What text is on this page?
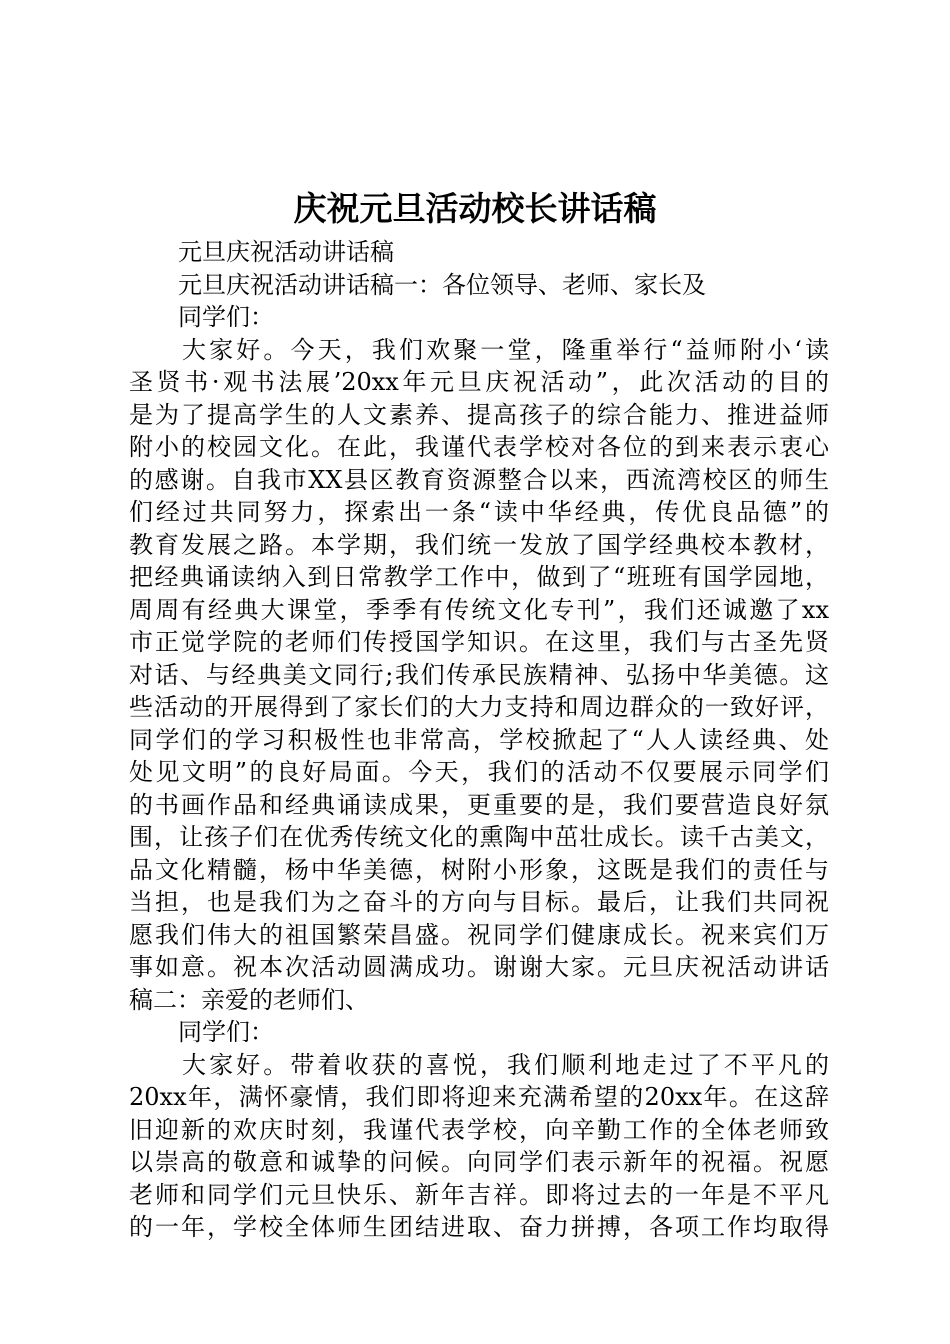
庆祝元旦活动校长讲话稿
元旦庆祝活动讲话稿
元旦庆祝活动讲话稿一：各位领导、老师、家长及
同学们：
大家好。今天，我们欢聚一堂，隆重举行“益师附小‘读
圣贤书·观书法展’20xx年元旦庆祝活动”，此次活动的目的
是为了提高学生的人文素养、提高孩子的综合能力、推进益师
附小的校园文化。在此，我谨代表学校对各位的到来表示衷心
的感谢。自我市XX县区教育资源整合以来，西流湾校区的师生
们经过共同努力，探索出一条“读中华经典，传优良品德”的
教育发展之路。本学期，我们统一发放了国学经典校本教材，
把经典诵读纳入到日常教学工作中，做到了“班班有国学园地，
周周有经典大课堂，季季有传统文化专刊”，我们还诚邀了xx
市正觉学院的老师们传授国学知识。在这里，我们与古圣先贤
对话、与经典美文同行;我们传承民族精神、弘扬中华美德。这
些活动的开展得到了家长们的大力支持和周边群众的一致好评，
同学们的学习积极性也非常高，学校掀起了“人人读经典、处
处见文明”的良好局面。今天，我们的活动不仅要展示同学们
的书画作品和经典诵读成果，更重要的是，我们要营造良好氛
围，让孩子们在优秀传统文化的熏陶中茁壮成长。读千古美文，
品文化精髓，杨中华美德，树附小形象，这既是我们的责任与
当担，也是我们为之奋斗的方向与目标。最后，让我们共同祝
愿我们伟大的祖国繁荣昌盛。祝同学们健康成长。祝来宾们万
事如意。祝本次活动圆满成功。谢谢大家。元旦庆祝活动讲话
稿二：亲爱的老师们、
同学们：
大家好。带着收获的喜悦，我们顺利地走过了不平凡的
20xx年，满怀豪情，我们即将迎来充满希望的20xx年。在这辞
旧迎新的欢庆时刻，我谨代表学校，向辛勤工作的全体老师致
以崇高的敬意和诚挚的问候。向同学们表示新年的祝福。祝愿
老师和同学们元旦快乐、新年吉祥。即将过去的一年是不平凡
的一年，学校全体师生团结进取、奋力拼搏，各项工作均取得
